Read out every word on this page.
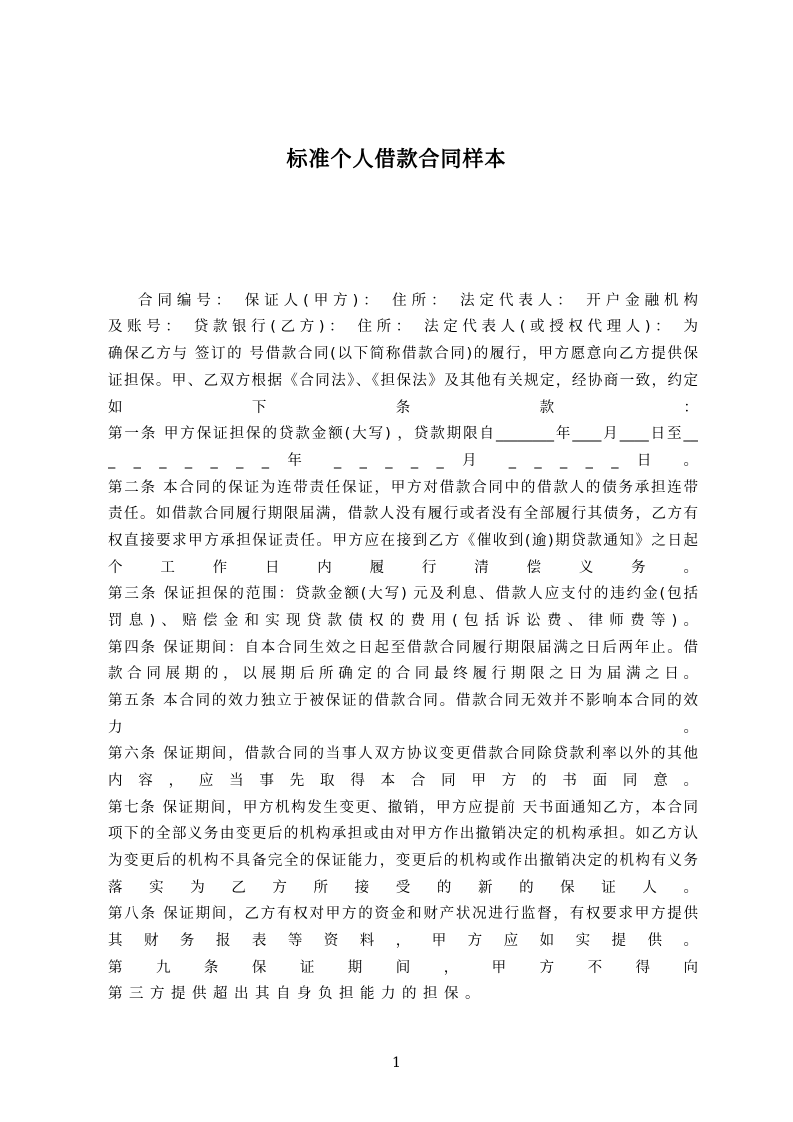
标准个人借款合同样本
合同编号： 保证人(甲方)： 住所： 法定代表人： 开户金融机构
及账号： 贷款银行(乙方)： 住所： 法定代表人(或授权代理人)： 为
确保乙方与 签订的 号借款合同(以下简称借款合同)的履行，甲方愿意向乙方提供保
证担保。甲、乙双方根据《合同法》、《担保法》及其他有关规定，经协商一致，约定
如 下 条 款 ：
第一条 甲方保证担保的贷款金额(大写) ，贷款期限自________年____月____日至__
_ _ _ _ _ _ _ 年 _ _ _ _ _ 月 _ _ _ _ _ 日 。
第二条 本合同的保证为连带责任保证，甲方对借款合同中的借款人的债务承担连带
责任。如借款合同履行期限届满，借款人没有履行或者没有全部履行其债务，乙方有
权直接要求甲方承担保证责任。甲方应在接到乙方《催收到(逾)期贷款通知》之日起
个 工 作 日 内 履 行 清 偿 义 务 。
第三条 保证担保的范围：贷款金额(大写) 元及利息、借款人应支付的违约金(包括
罚息)、赔偿金和实现贷款债权的费用(包括诉讼费、律师费等)。
第四条 保证期间：自本合同生效之日起至借款合同履行期限届满之日后两年止。借
款合同展期的，以展期后所确定的合同最终履行期限之日为届满之日。
第五条 本合同的效力独立于被保证的借款合同。借款合同无效并不影响本合同的效
力 。
第六条 保证期间，借款合同的当事人双方协议变更借款合同除贷款利率以外的其他
内 容 ， 应 当 事 先 取 得 本 合 同 甲 方 的 书 面 同 意 。
第七条 保证期间，甲方机构发生变更、撤销，甲方应提前 天书面通知乙方，本合同
项下的全部义务由变更后的机构承担或由对甲方作出撤销决定的机构承担。如乙方认
为变更后的机构不具备完全的保证能力，变更后的机构或作出撤销决定的机构有义务
落 实 为 乙 方 所 接 受 的 新 的 保 证 人 。
第八条 保证期间，乙方有权对甲方的资金和财产状况进行监督，有权要求甲方提供
其 财 务 报 表 等 资 料 ， 甲 方 应 如 实 提 供 。
第 九 条 保 证 期 间 ， 甲 方 不 得 向
第三方提供超出其自身负担能力的担保。
1
